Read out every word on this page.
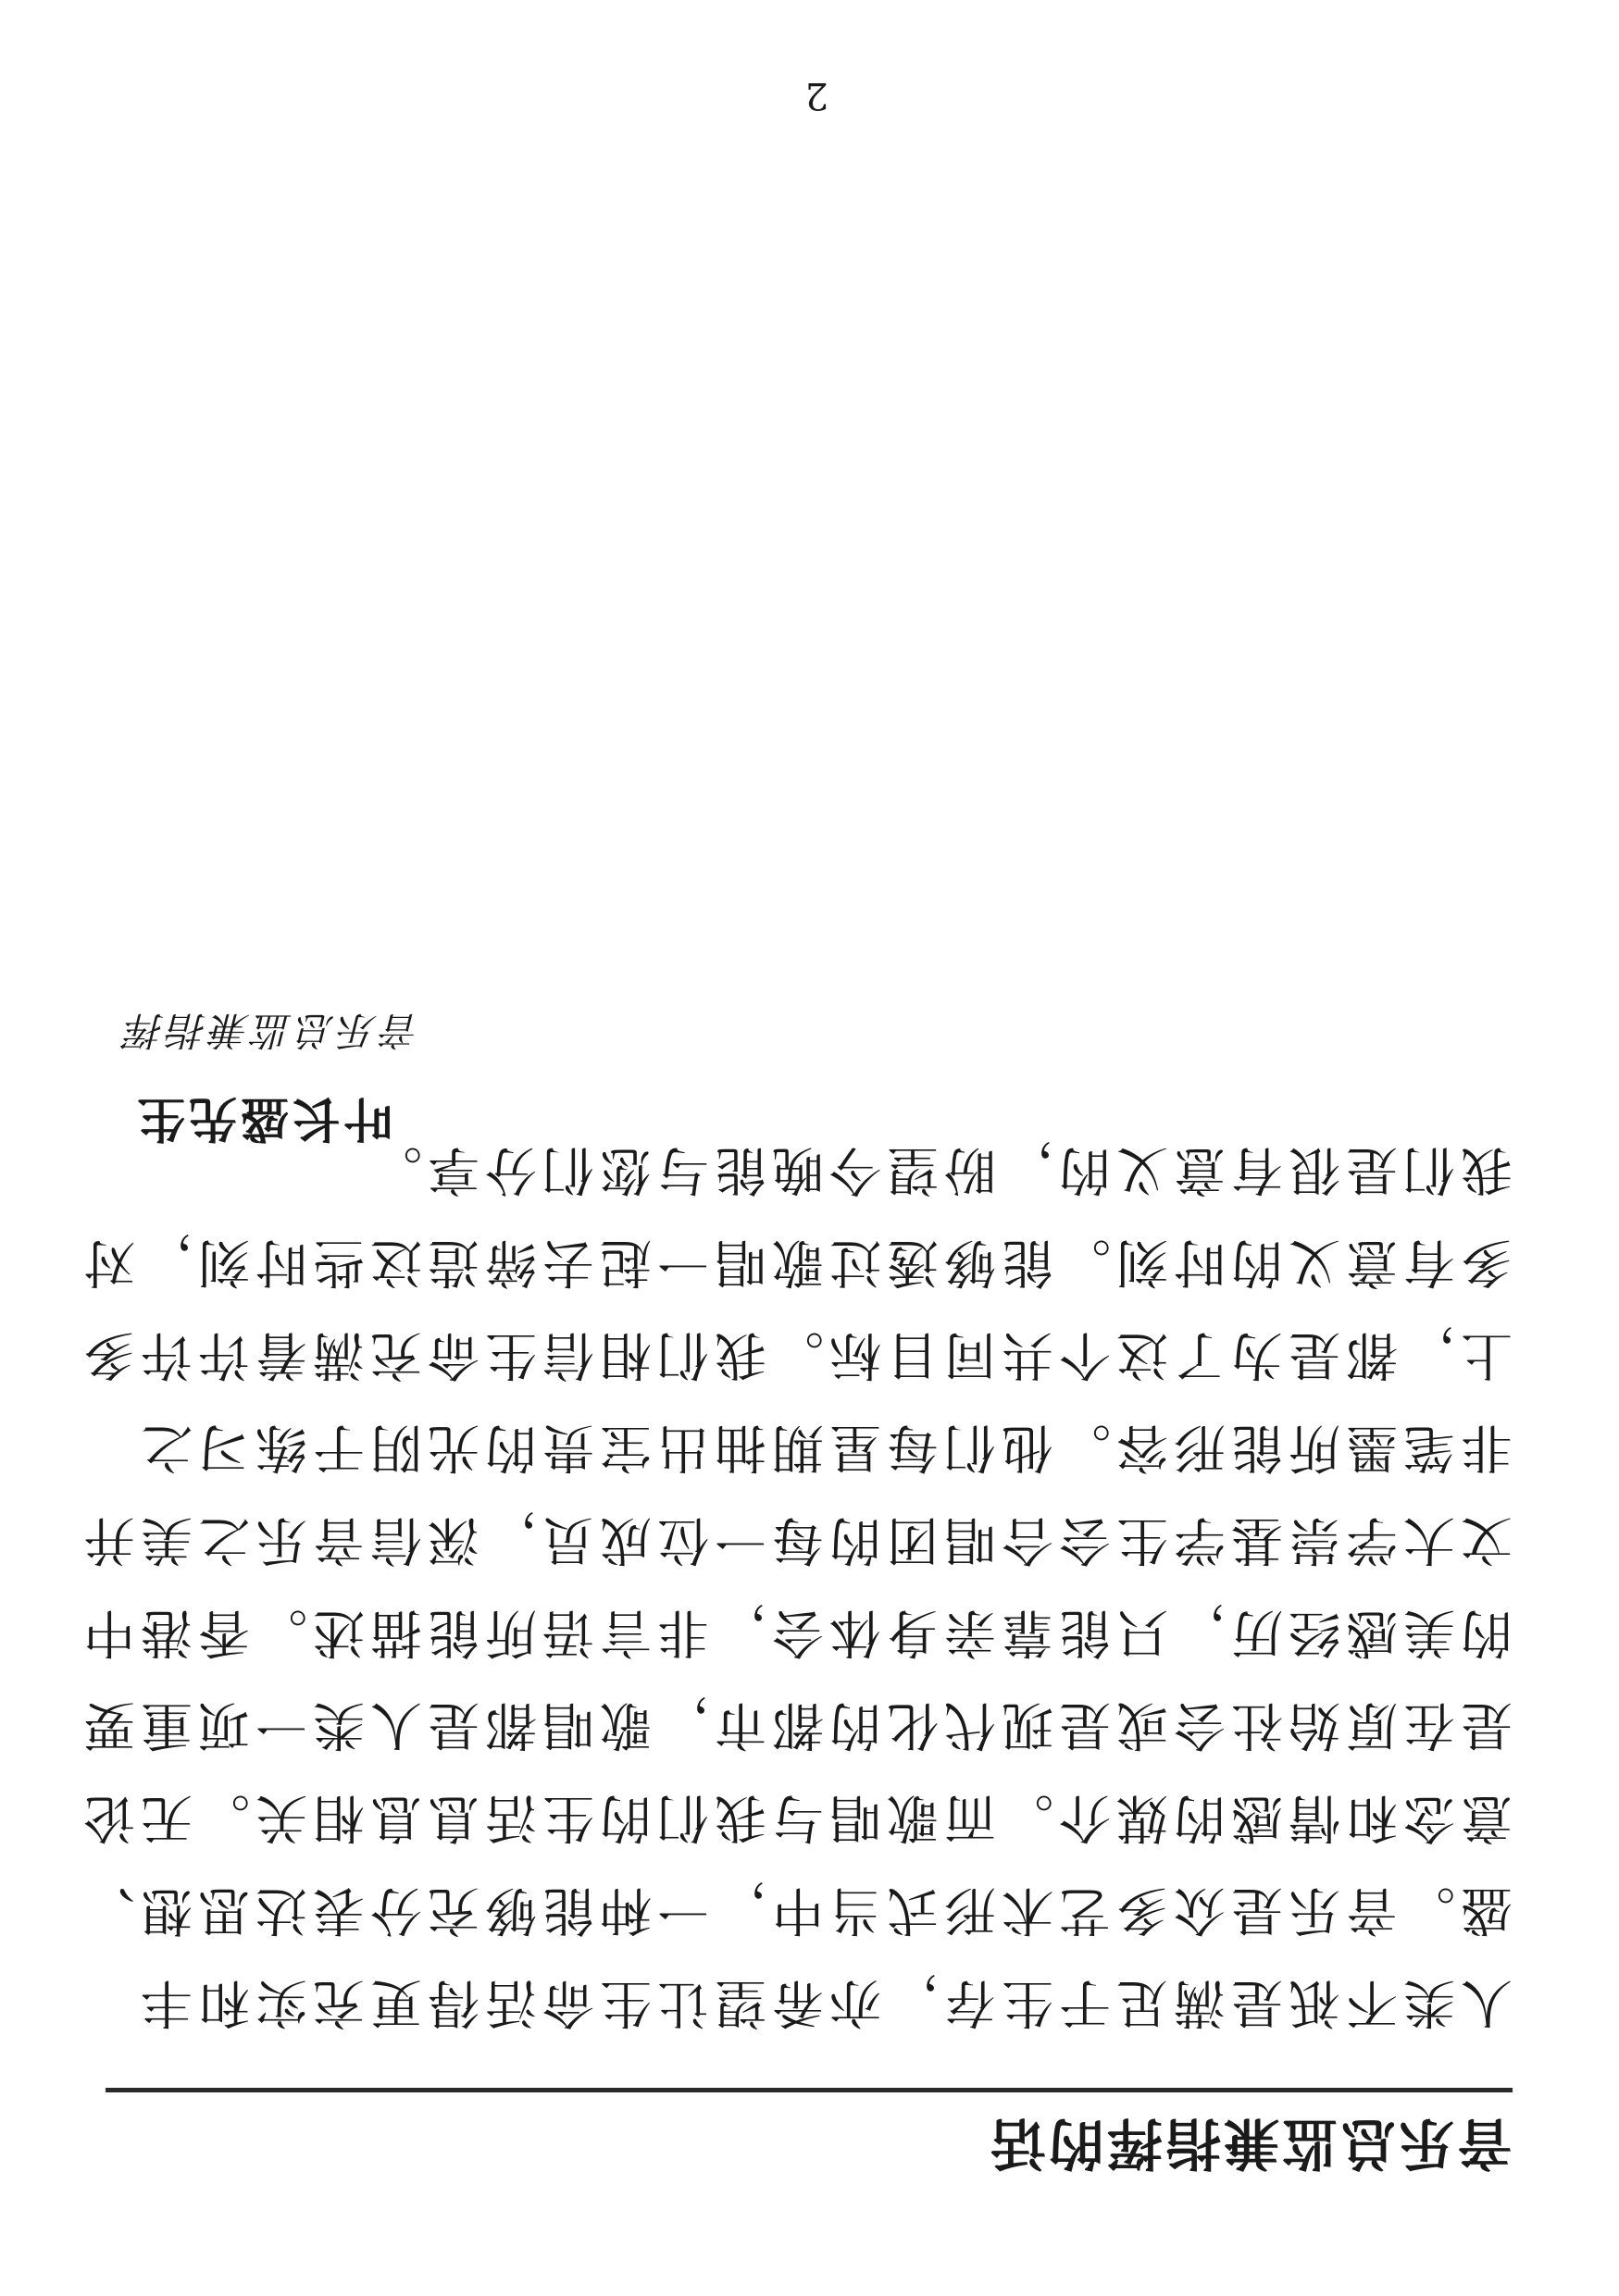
音乐总监兼指挥的话
人类不祇是满足于生存，亦希望让生命活得更充实和丰
盛。音乐是众多艺术形式当中，一种能够充分表达思想、
意念和情感的媒介。而歌唱与我们的生活息息相关。无论
是在原始社会或是现代化的都市，歌唱都是人类一项重要
的美感经历，只能靠亲身体会，非言语所能描述。香港中
文大学崇基学生会合唱团的每一位成员，深信音乐之美并
非笔墨所能形容。他们每星期抽出宝贵的光阴于练习之
上，都是为了这个共同目标。我们相信生命充满着许许多
多有意义的时刻。能够透过歌唱一起去缔造这些时刻，对
我们是很有意义的，盼望今晚能与您们分享。
叶长盛先生
音乐总监兼指挥
2
